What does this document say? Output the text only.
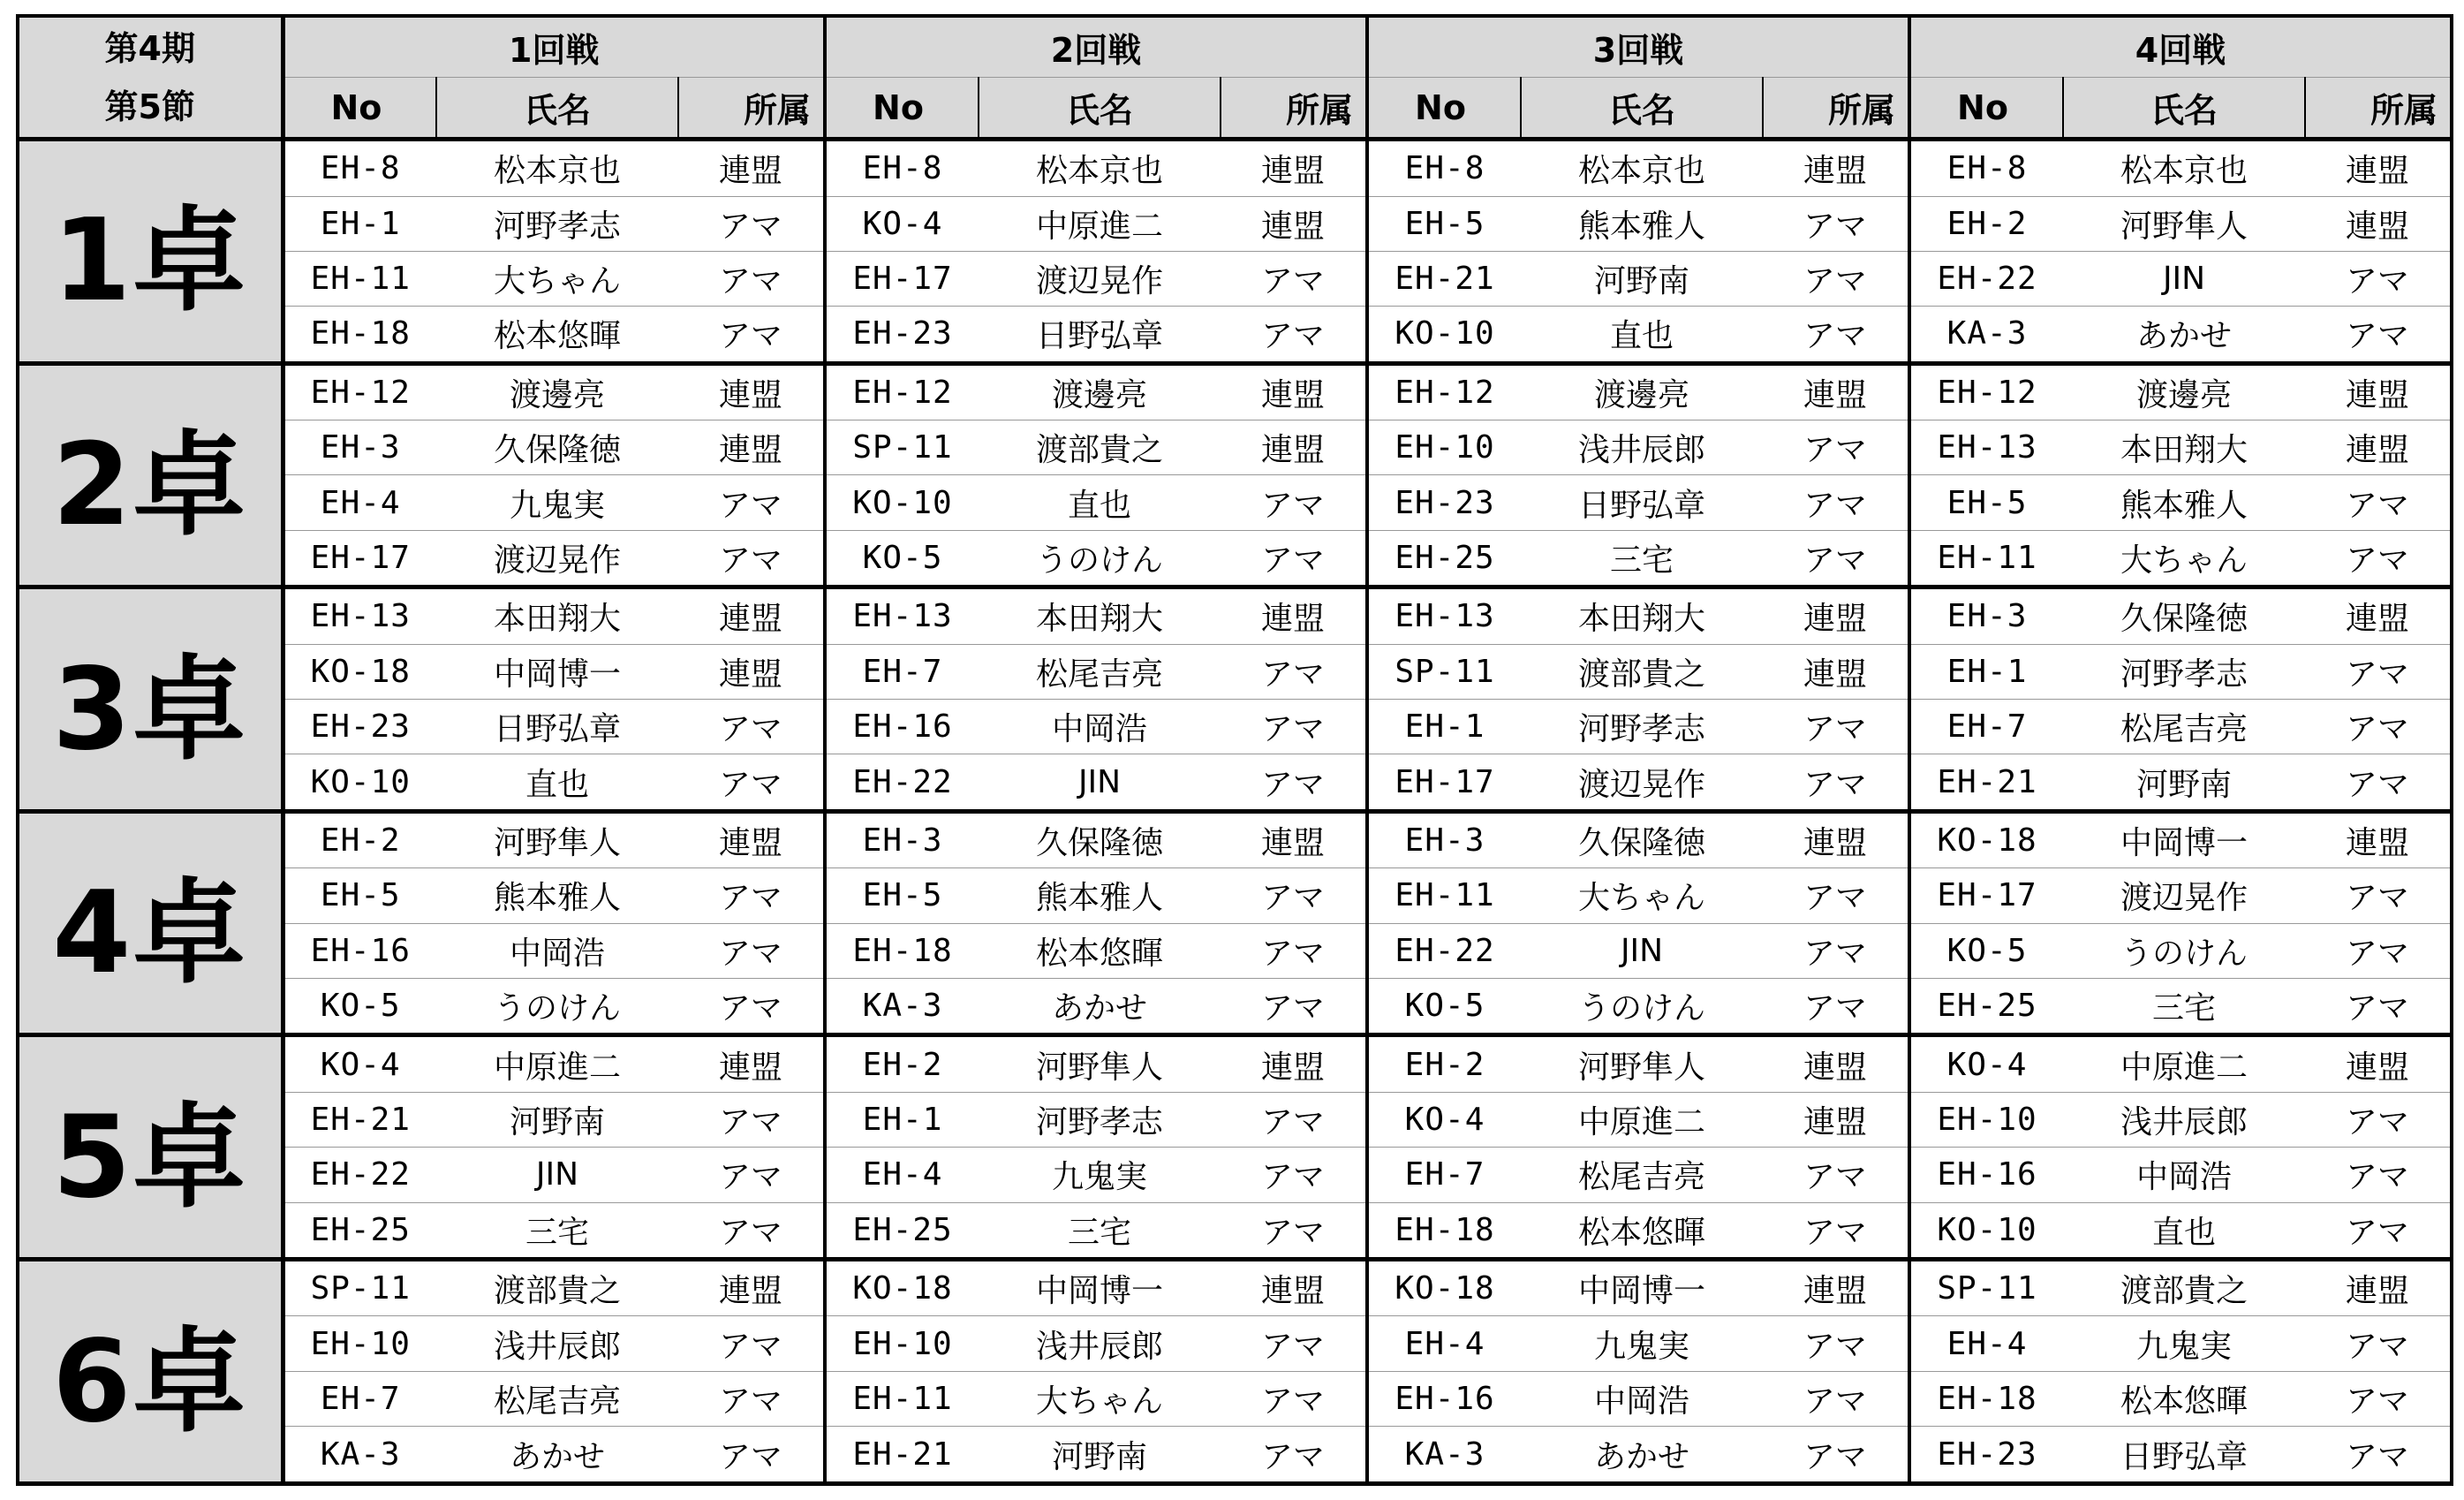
第4期
第5節	1回戦			2回戦			3回戦			4回戦		
	No	氏名	所属	No	氏名	所属	No	氏名	所属	No	氏名	所属
1卓	EH-8	松本京也	連盟	EH-8	松本京也	連盟	EH-8	松本京也	連盟	EH-8	松本京也	連盟
	EH-1	河野孝志	アマ	KO-4	中原進二	連盟	EH-5	熊本雅人	アマ	EH-2	河野隼人	連盟
	EH-11	大ちゃん	アマ	EH-17	渡辺晃作	アマ	EH-21	河野南	アマ	EH-22	JIN	アマ
	EH-18	松本悠暉	アマ	EH-23	日野弘章	アマ	KO-10	直也	アマ	KA-3	あかせ	アマ
2卓	EH-12	渡邊亮	連盟	EH-12	渡邊亮	連盟	EH-12	渡邊亮	連盟	EH-12	渡邊亮	連盟
	EH-3	久保隆徳	連盟	SP-11	渡部貴之	連盟	EH-10	浅井辰郎	アマ	EH-13	本田翔大	連盟
	EH-4	九鬼実	アマ	KO-10	直也	アマ	EH-23	日野弘章	アマ	EH-5	熊本雅人	アマ
	EH-17	渡辺晃作	アマ	KO-5	うのけん	アマ	EH-25	三宅	アマ	EH-11	大ちゃん	アマ
3卓	EH-13	本田翔大	連盟	EH-13	本田翔大	連盟	EH-13	本田翔大	連盟	EH-3	久保隆徳	連盟
	KO-18	中岡博一	連盟	EH-7	松尾吉亮	アマ	SP-11	渡部貴之	連盟	EH-1	河野孝志	アマ
	EH-23	日野弘章	アマ	EH-16	中岡浩	アマ	EH-1	河野孝志	アマ	EH-7	松尾吉亮	アマ
	KO-10	直也	アマ	EH-22	JIN	アマ	EH-17	渡辺晃作	アマ	EH-21	河野南	アマ
4卓	EH-2	河野隼人	連盟	EH-3	久保隆徳	連盟	EH-3	久保隆徳	連盟	KO-18	中岡博一	連盟
	EH-5	熊本雅人	アマ	EH-5	熊本雅人	アマ	EH-11	大ちゃん	アマ	EH-17	渡辺晃作	アマ
	EH-16	中岡浩	アマ	EH-18	松本悠暉	アマ	EH-22	JIN	アマ	KO-5	うのけん	アマ
	KO-5	うのけん	アマ	KA-3	あかせ	アマ	KO-5	うのけん	アマ	EH-25	三宅	アマ
5卓	KO-4	中原進二	連盟	EH-2	河野隼人	連盟	EH-2	河野隼人	連盟	KO-4	中原進二	連盟
	EH-21	河野南	アマ	EH-1	河野孝志	アマ	KO-4	中原進二	連盟	EH-10	浅井辰郎	アマ
	EH-22	JIN	アマ	EH-4	九鬼実	アマ	EH-7	松尾吉亮	アマ	EH-16	中岡浩	アマ
	EH-25	三宅	アマ	EH-25	三宅	アマ	EH-18	松本悠暉	アマ	KO-10	直也	アマ
6卓	SP-11	渡部貴之	連盟	KO-18	中岡博一	連盟	KO-18	中岡博一	連盟	SP-11	渡部貴之	連盟
	EH-10	浅井辰郎	アマ	EH-10	浅井辰郎	アマ	EH-4	九鬼実	アマ	EH-4	九鬼実	アマ
	EH-7	松尾吉亮	アマ	EH-11	大ちゃん	アマ	EH-16	中岡浩	アマ	EH-18	松本悠暉	アマ
	KA-3	あかせ	アマ	EH-21	河野南	アマ	KA-3	あかせ	アマ	EH-23	日野弘章	アマ
